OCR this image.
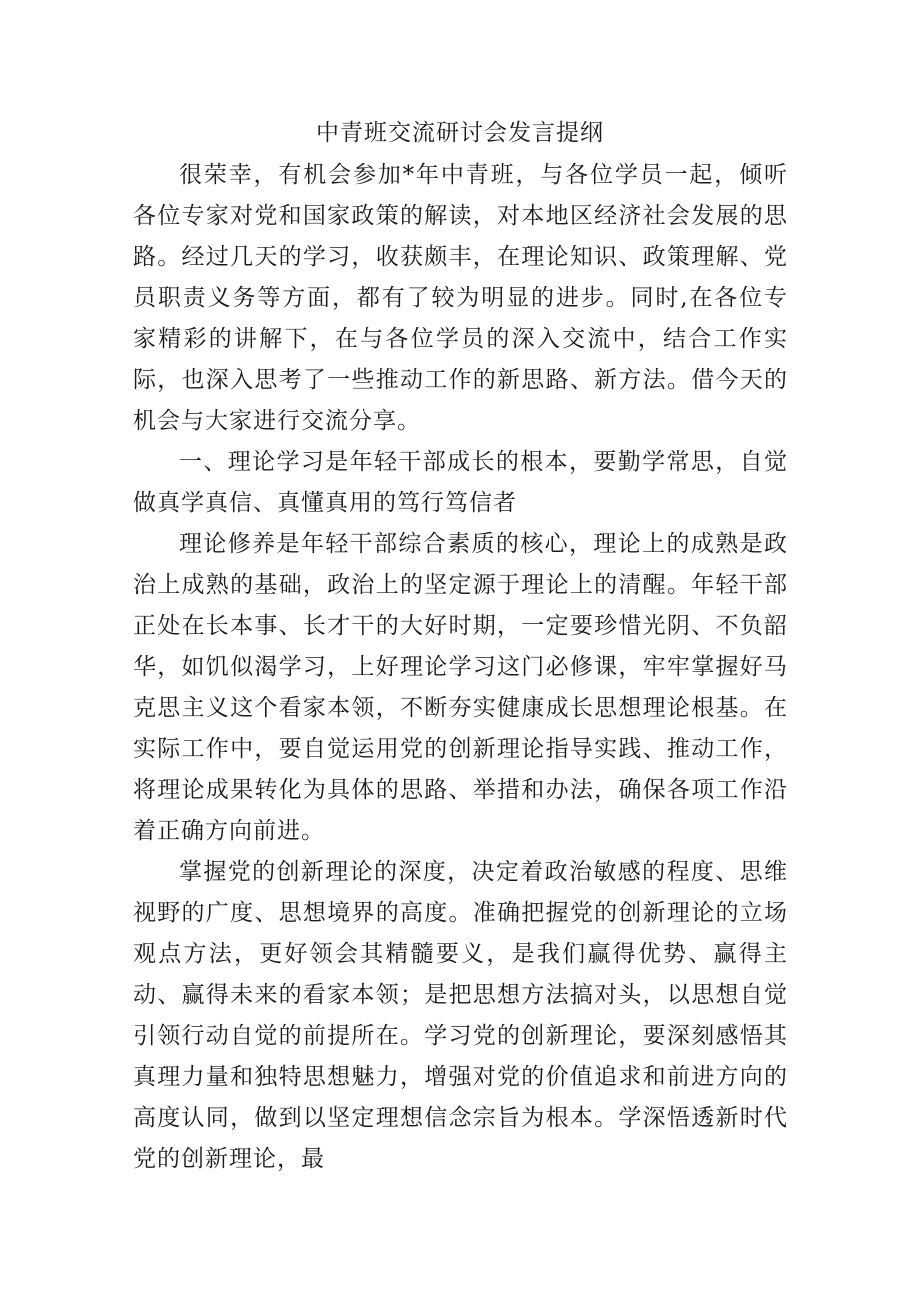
中青班交流研讨会发言提纲

很荣幸，有机会参加*年中青班，与各位学员一起，倾听各位专家对党和国家政策的解读，对本地区经济社会发展的思路。经过几天的学习，收获颇丰，在理论知识、政策理解、党员职责义务等方面，都有了较为明显的进步。同时,在各位专家精彩的讲解下，在与各位学员的深入交流中，结合工作实际，也深入思考了一些推动工作的新思路、新方法。借今天的机会与大家进行交流分享。

一、理论学习是年轻干部成长的根本，要勤学常思，自觉做真学真信、真懂真用的笃行笃信者

理论修养是年轻干部综合素质的核心，理论上的成熟是政治上成熟的基础，政治上的坚定源于理论上的清醒。年轻干部正处在长本事、长才干的大好时期，一定要珍惜光阴、不负韶华，如饥似渴学习，上好理论学习这门必修课，牢牢掌握好马克思主义这个看家本领，不断夯实健康成长思想理论根基。在实际工作中，要自觉运用党的创新理论指导实践、推动工作，将理论成果转化为具体的思路、举措和办法，确保各项工作沿着正确方向前进。

掌握党的创新理论的深度，决定着政治敏感的程度、思维视野的广度、思想境界的高度。准确把握党的创新理论的立场观点方法，更好领会其精髓要义，是我们赢得优势、赢得主动、赢得未来的看家本领；是把思想方法搞对头，以思想自觉引领行动自觉的前提所在。学习党的创新理论，要深刻感悟其真理力量和独特思想魅力，增强对党的价值追求和前进方向的高度认同，做到以坚定理想信念宗旨为根本。学深悟透新时代党的创新理论，最
